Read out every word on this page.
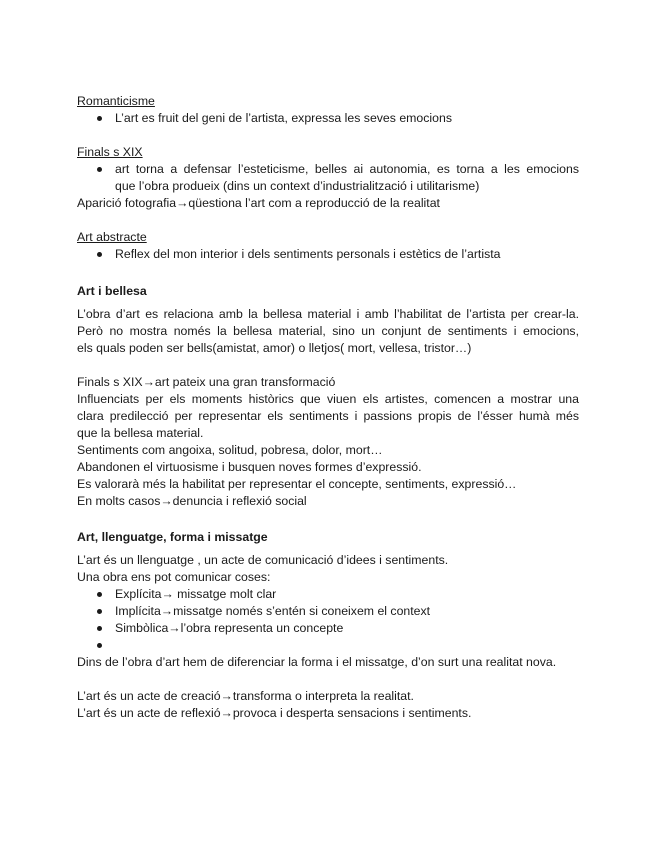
Romanticisme
L’art es fruit del geni de l’artista, expressa les seves emocions
Finals s XIX
art torna a defensar l’esteticisme, belles ai autonomia, es torna a les emocions
que l’obra produeix (dins un context d’industrialització i utilitarisme)
Aparició fotografia→qüestiona l’art com a reproducció de la realitat
Art abstracte
Reflex del mon interior i dels sentiments personals i estètics de l’artista
Art i bellesa
L’obra d’art es relaciona amb la bellesa material i amb l’habilitat de l’artista per crear-la.
Però no mostra només la bellesa material, sino un conjunt de sentiments i emocions,
els quals poden ser bells(amistat, amor) o lletjos( mort, vellesa, tristor…)
Finals s XIX→art pateix una gran transformació
Influenciats per els moments històrics que viuen els artistes, comencen a mostrar una
clara predilecció per representar els sentiments i passions propis de l’ésser humà més
que la bellesa material.
Sentiments com angoixa, solitud, pobresa, dolor, mort…
Abandonen el virtuosisme i busquen noves formes d’expressió.
Es valorarà més la habilitat per representar el concepte, sentiments, expressió…
En molts casos→denuncia i reflexió social
Art, llenguatge, forma i missatge
L’art és un llenguatge , un acte de comunicació d’idees i sentiments.
Una obra ens pot comunicar coses:
Explícita→ missatge molt clar
Implícita→missatge només s’entén si coneixem el context
Simbòlica→l’obra representa un concepte
Dins de l’obra d’art hem de diferenciar la forma i el missatge, d’on surt una realitat nova.
L’art és un acte de creació→transforma o interpreta la realitat.
L’art és un acte de reflexió→provoca i desperta sensacions i sentiments.
